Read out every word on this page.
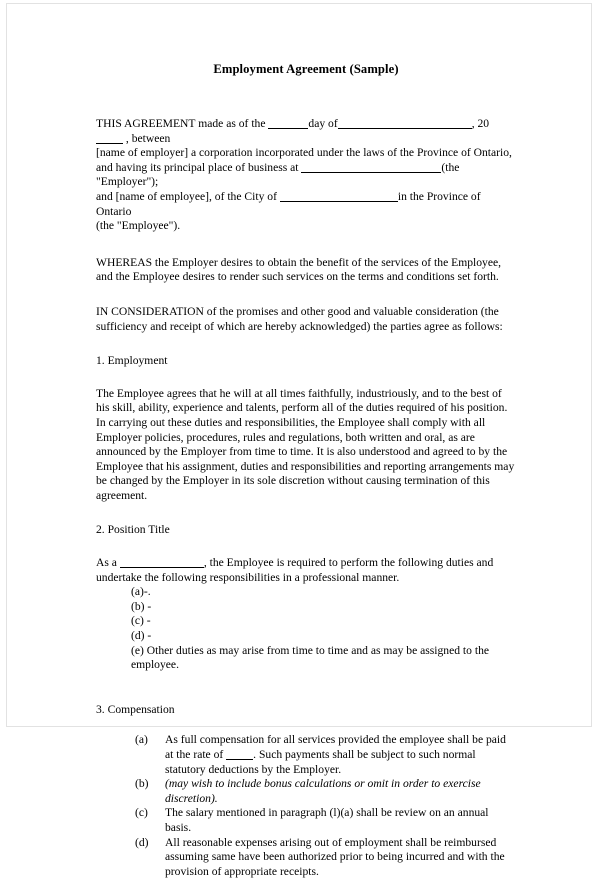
Employment Agreement (Sample)

THIS AGREEMENT made as of the	day of	, 20 , between
[name of employer] a corporation incorporated under the laws of the Province of Ontario,
and having its principal place of business at	(the "Employer");
and [name of employee], of the City of	in the Province of Ontario
(the "Employee").

WHEREAS the Employer desires to obtain the benefit of the services of the Employee, and the Employee desires to render such services on the terms and conditions set forth.

IN CONSIDERATION of the promises and other good and valuable consideration (the sufficiency and receipt of which are hereby acknowledged) the parties agree as follows:

1. Employment

The Employee agrees that he will at all times faithfully, industriously, and to the best of his skill, ability, experience and talents, perform all of the duties required of his position. In carrying out these duties and responsibilities, the Employee shall comply with all Employer policies, procedures, rules and regulations, both written and oral, as are announced by the Employer from time to time. It is also understood and agreed to by the Employee that his assignment, duties and responsibilities and reporting arrangements may be changed by the Employer in its sole discretion without causing termination of this agreement.

2. Position Title

As a	, the Employee is required to perform the following duties and undertake the following responsibilities in a professional manner.

(a)-.
(b) -
(c) -
(d) -
(e) Other duties as may arise from time to time and as may be assigned to the employee.

3. Compensation

(a) As full compensation for all services provided the employee shall be paid at the rate of . Such payments shall be subject to such normal statutory deductions by the Employer.
(b) (may wish to include bonus calculations or omit in order to exercise discretion).
(c) The salary mentioned in paragraph (l)(a) shall be review on an annual basis.
(d) All reasonable expenses arising out of employment shall be reimbursed assuming same have been authorized prior to being incurred and with the provision of appropriate receipts.
